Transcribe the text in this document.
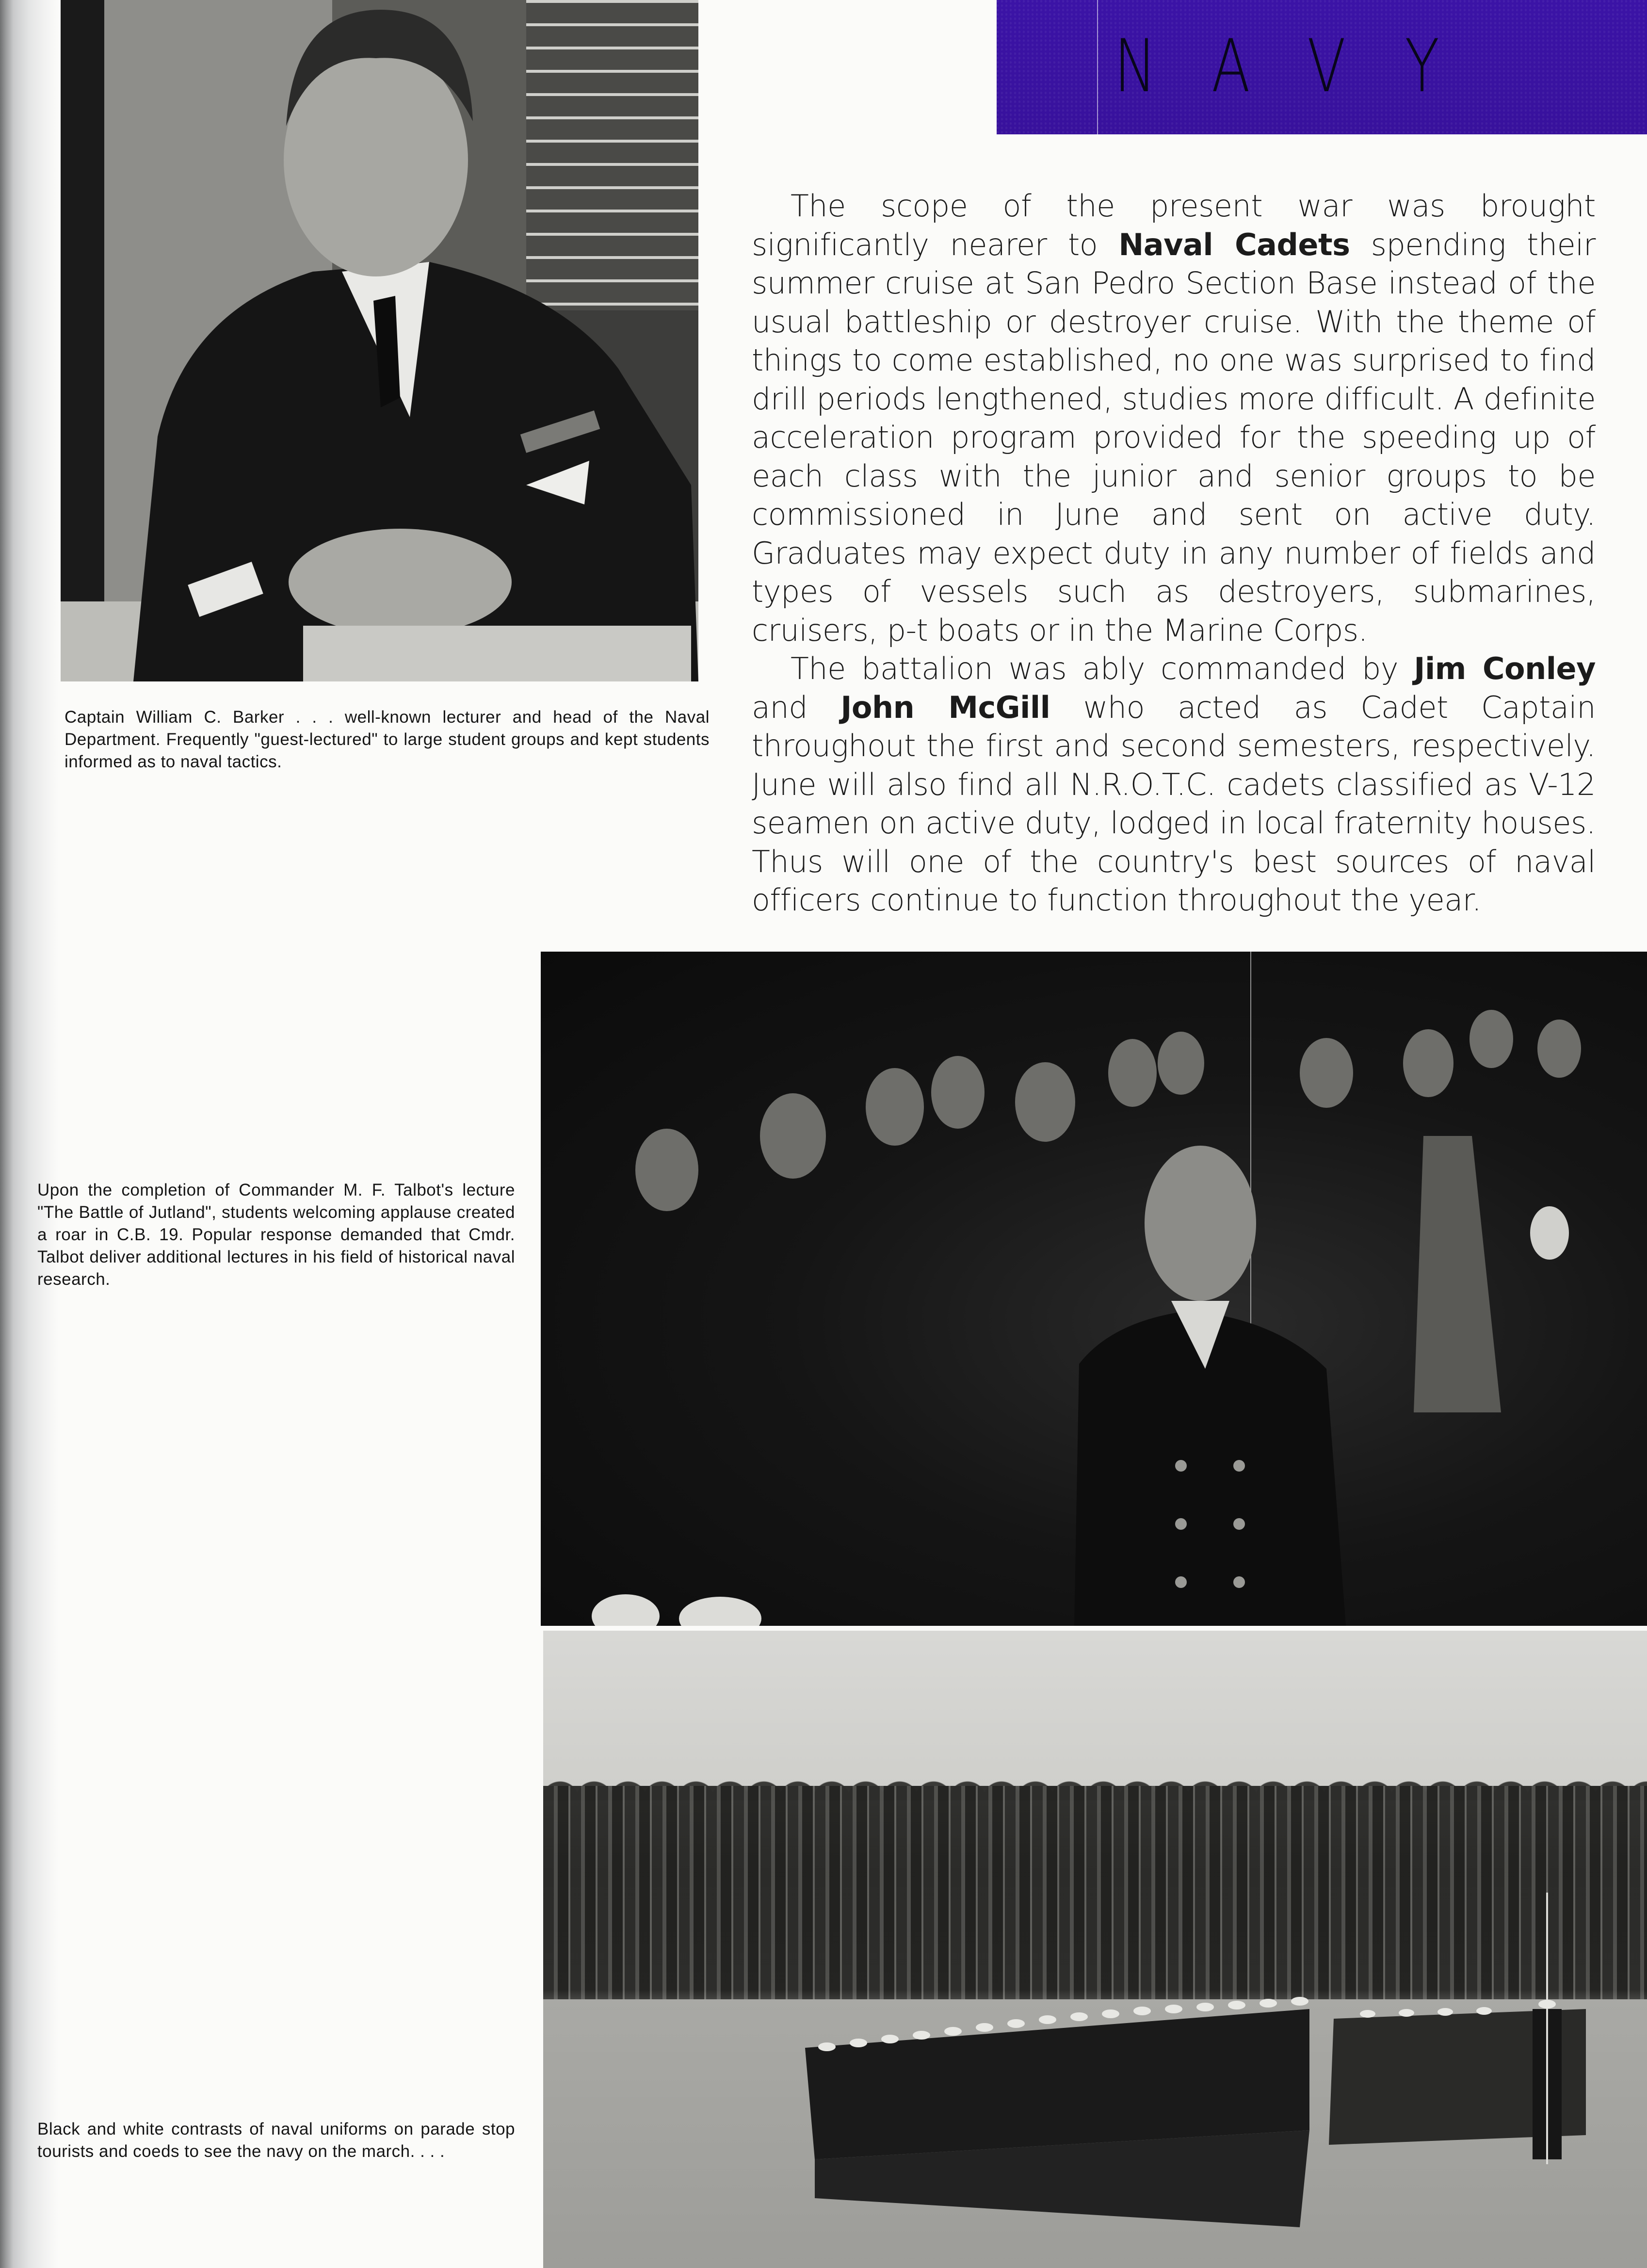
N A V Y
Captain William C. Barker . . . well-known lecturer and head of the Naval Department. Frequently "guest-lectured" to large student groups and kept students informed as to naval tactics.

The scope of the present war was brought significantly nearer to Naval Cadets spending their summer cruise at San Pedro Section Base instead of the usual battleship or destroyer cruise. With the theme of things to come established, no one was surprised to find drill periods lengthened, studies more difficult. A definite acceleration program provided for the speeding up of each class with the junior and senior groups to be commissioned in June and sent on active duty. Graduates may expect duty in any number of fields and types of vessels such as destroyers, submarines, cruisers, p-t boats or in the Marine Corps.

The battalion was ably commanded by Jim Conley and John McGill who acted as Cadet Captain throughout the first and second semesters, respectively. June will also find all N.R.O.T.C. cadets classified as V-12 seamen on active duty, lodged in local fraternity houses. Thus will one of the country's best sources of naval officers continue to function throughout the year.

Upon the completion of Commander M. F. Talbot's lecture "The Battle of Jutland", students welcoming applause created a roar in C.B. 19. Popular response demanded that Cmdr. Talbot deliver additional lectures in his field of historical naval research.
Black and white contrasts of naval uniforms on parade stop tourists and coeds to see the navy on the march. . . .
